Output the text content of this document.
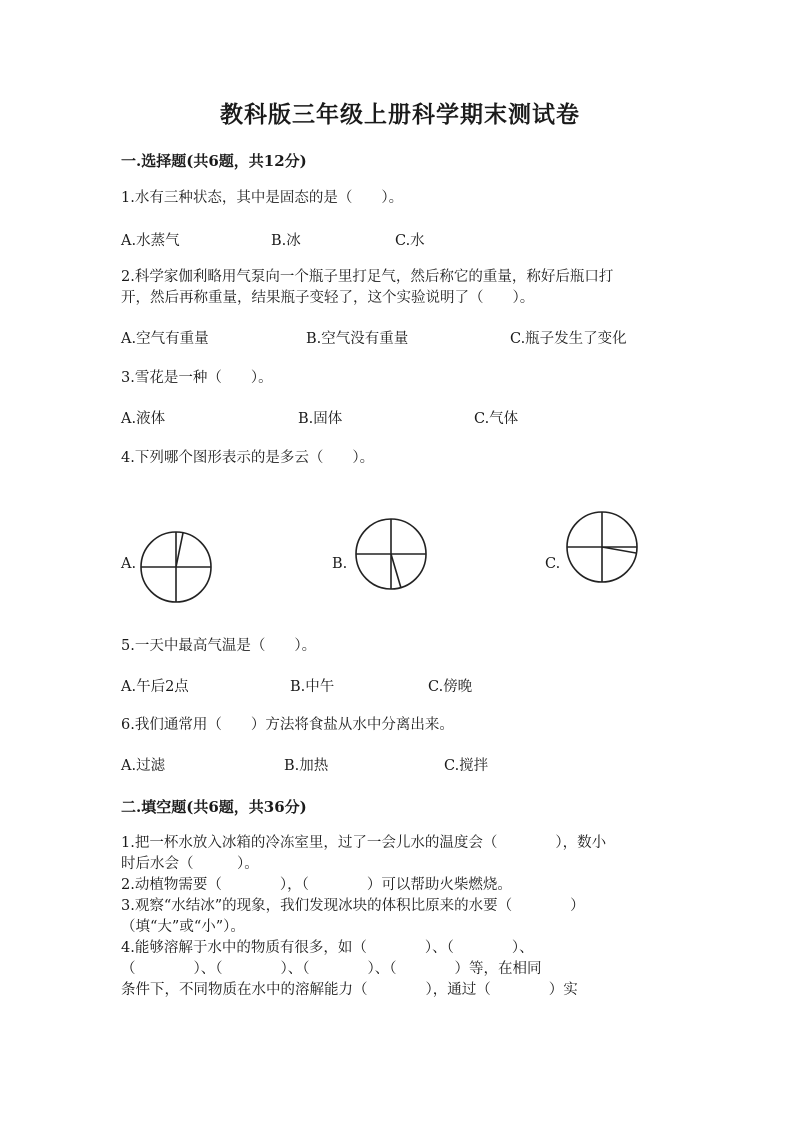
教科版三年级上册科学期末测试卷
一.选择题(共6题，共12分)
1.水有三种状态，其中是固态的是（　　）。
A.水蒸气	B.冰	C.水
2.科学家伽利略用气泵向一个瓶子里打足气，然后称它的重量，称好后瓶口打
开，然后再称重量，结果瓶子变轻了，这个实验说明了（　　）。
A.空气有重量	B.空气没有重量	C.瓶子发生了变化
3.雪花是一种（　　）。
A.液体	B.固体	C.气体
4.下列哪个图形表示的是多云（　　）。
A.	B.	C.
5.一天中最高气温是（　　）。
A.午后2点	B.中午	C.傍晚
6.我们通常用（　　）方法将食盐从水中分离出来。
A.过滤	B.加热	C.搅拌
二.填空题(共6题，共36分)
1.把一杯水放入冰箱的冷冻室里，过了一会儿水的温度会（　　　　），数小
时后水会（　　　）。
2.动植物需要（　　　　），（　　　　）可以帮助火柴燃烧。
3.观察“水结冰”的现象，我们发现冰块的体积比原来的水要（　　　　）
（填“大”或“小”）。
4.能够溶解于水中的物质有很多，如（　　　　）、（　　　　）、
（　　　　）、（　　　　）、（　　　　）、（　　　　）等，在相同
条件下，不同物质在水中的溶解能力（　　　　），通过（　　　　）实
